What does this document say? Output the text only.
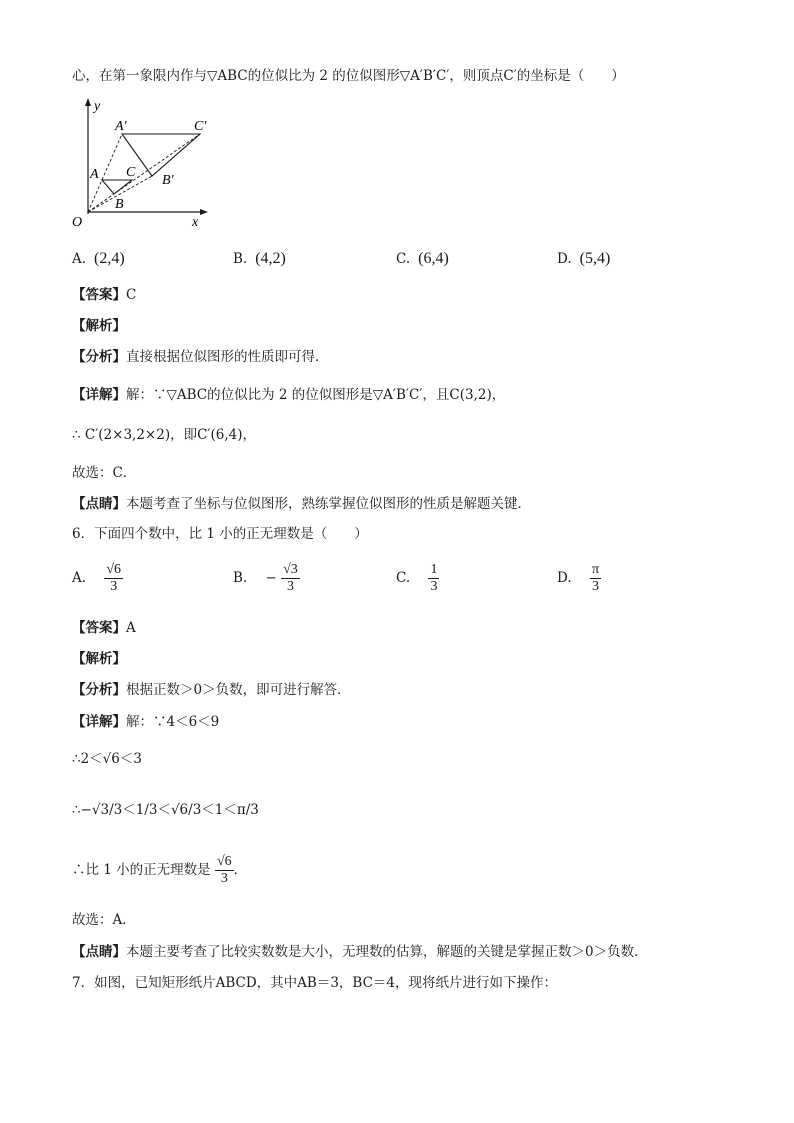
心，在第一象限内作与▽ABC的位似比为 2 的位似图形▽A′B′C′，则顶点C′的坐标是（　　）
y
x
O
A
B
C
A′
B′
C′
A. (2,4)	B. (4,2)	C. (6,4)	D. (5,4)
【答案】C
【解析】
【分析】直接根据位似图形的性质即可得．
【详解】解：∵▽ABC的位似比为 2 的位似图形是▽A′B′C′，且C(3,2)，
∴ C′(2×3,2×2)，即C′(6,4)，
故选：C．
【点睛】本题考查了坐标与位似图形，熟练掌握位似图形的性质是解题关键．
6．下面四个数中，比 1 小的正无理数是（　　）
A. $\frac{√6}{3}$	B. − $\frac{√3}{3}$	C. $\frac{1}{3}$	D. $\frac{\pi}{3}$
【答案】A
【解析】
【分析】根据正数＞0＞负数，即可进行解答．
【详解】解：∵4＜6＜9
∴2＜√6＜3
∴−√3/3＜1/3＜√6/3＜1＜π/3
∴比 1 小的正无理数是 $\frac{√6}{3}$ ．
故选：A．
【点睛】本题主要考查了比较实数数是大小，无理数的估算，解题的关键是掌握正数＞0＞负数．
7．如图，已知矩形纸片ABCD，其中AB＝3，BC＝4，现将纸片进行如下操作：
